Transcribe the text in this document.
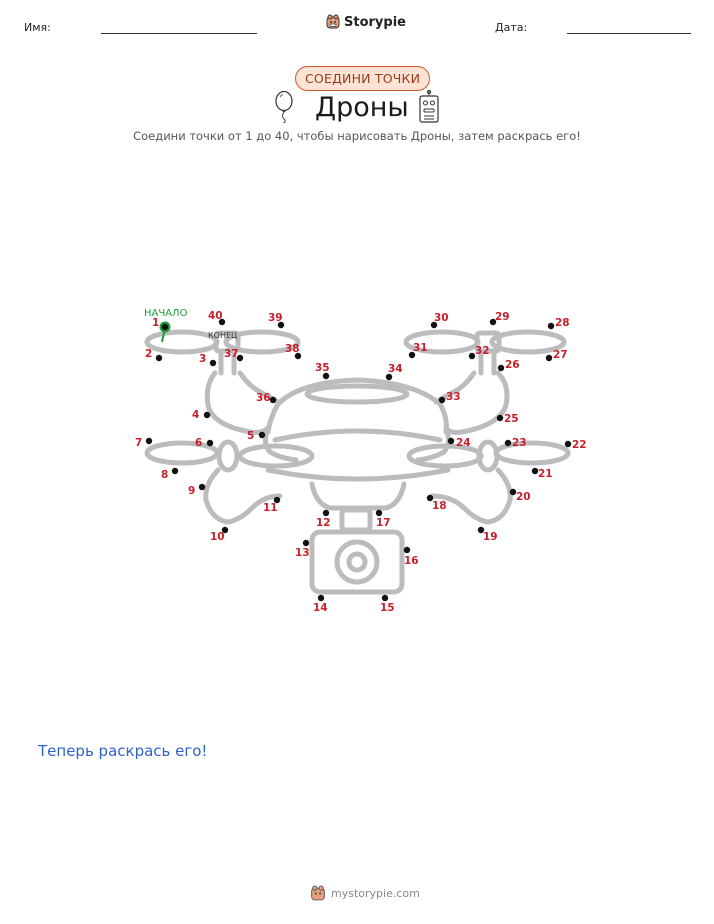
Имя:	Storypie	Дата:
СОЕДИНИ ТОЧКИ
Дроны
Соедини точки от 1 до 40, чтобы нарисовать Дроны, затем раскрась его!
НАЧАЛО
КОНЕЦ
1
2	3
4
5
6
7
8
9
10
11
12
13
14	15
16
17
18
19
20
21
22
23
24
25
26
27
28
29
30
31	32
33
34
35
36
37	38
39
40
Теперь раскрась его!
mystorypie.com
